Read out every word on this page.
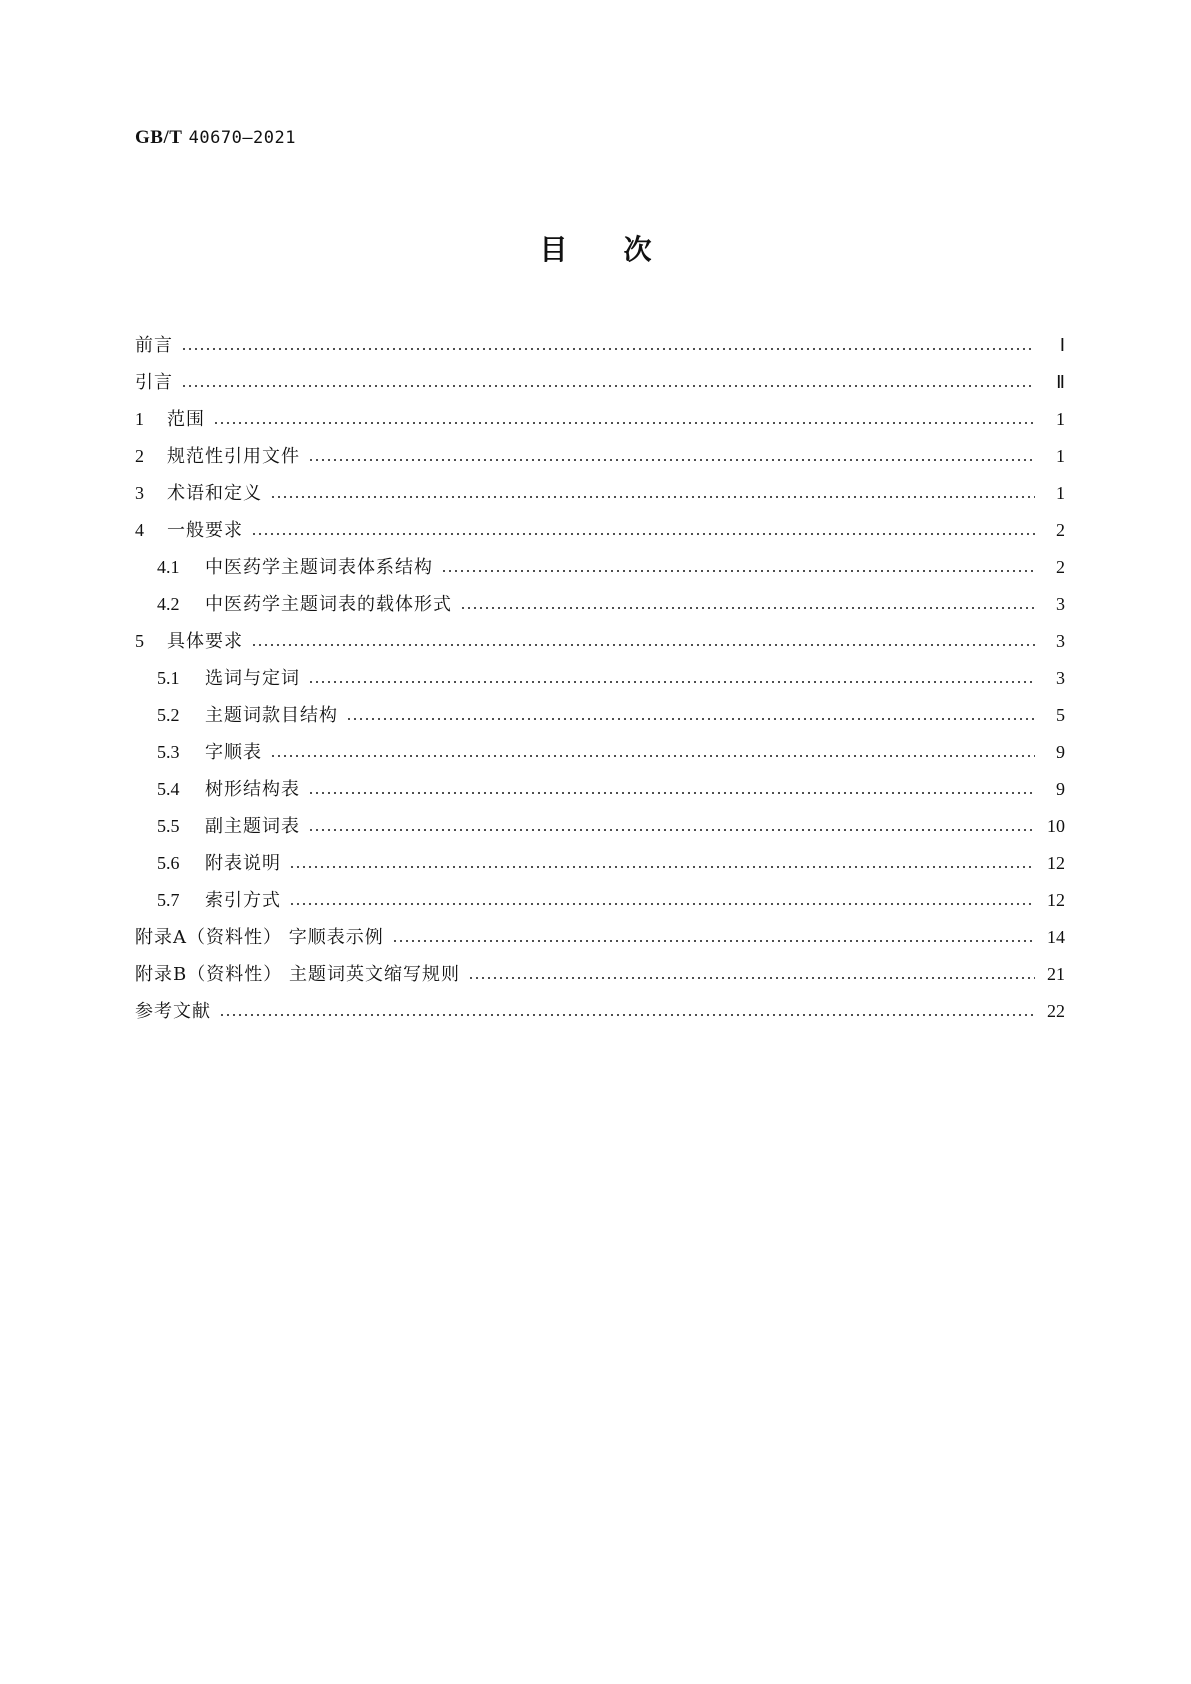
GB/T 40670—2021
目次
前言	Ⅰ
引言	Ⅱ
1	范围	1
2	规范性引用文件	1
3	术语和定义	1
4	一般要求	2
4.1	中医药学主题词表体系结构	2
4.2	中医药学主题词表的载体形式	3
5	具体要求	3
5.1	选词与定词	3
5.2	主题词款目结构	5
5.3	字顺表	9
5.4	树形结构表	9
5.5	副主题词表	10
5.6	附表说明	12
5.7	索引方式	12
附录A（资料性） 字顺表示例	14
附录B（资料性） 主题词英文缩写规则	21
参考文献	22
